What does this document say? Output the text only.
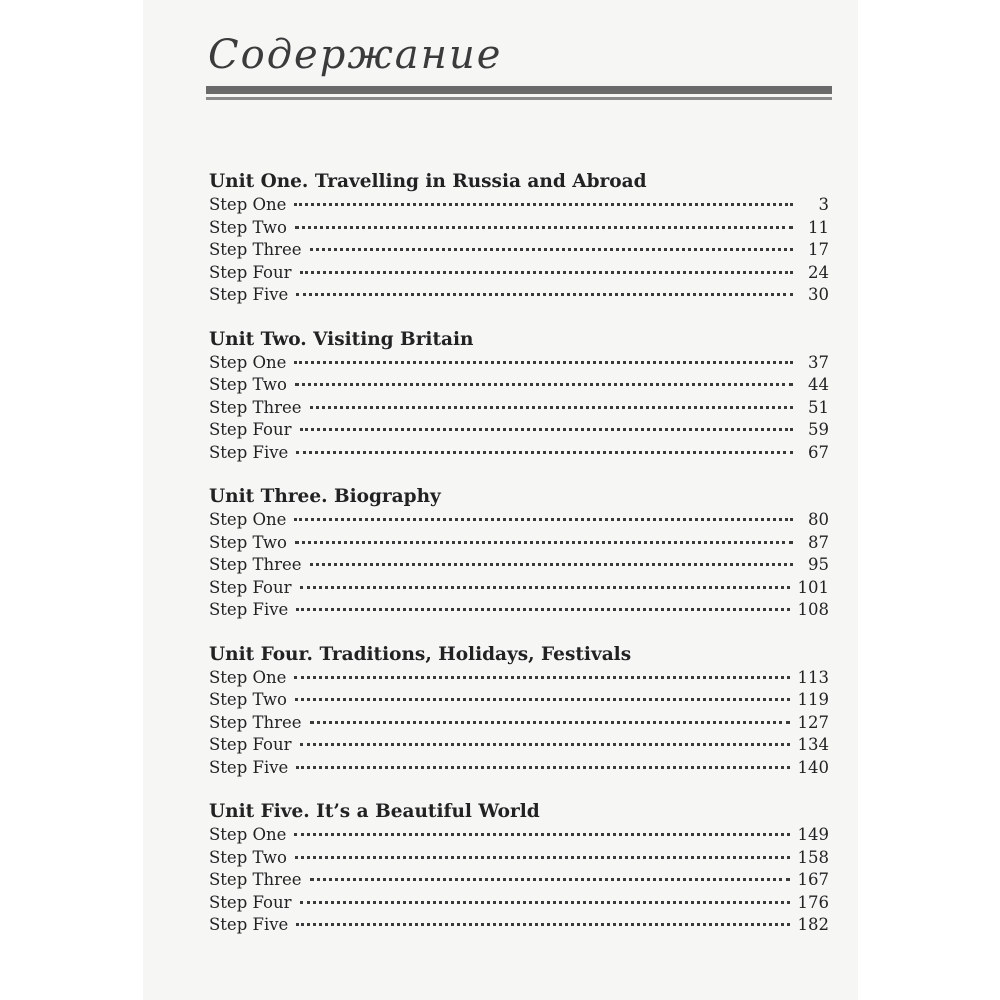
Содержание
Unit One. Travelling in Russia and Abroad
Step One	3
Step Two	11
Step Three	17
Step Four	24
Step Five	30
Unit Two. Visiting Britain
Step One	37
Step Two	44
Step Three	51
Step Four	59
Step Five	67
Unit Three. Biography
Step One	80
Step Two	87
Step Three	95
Step Four	101
Step Five	108
Unit Four. Traditions, Holidays, Festivals
Step One	113
Step Two	119
Step Three	127
Step Four	134
Step Five	140
Unit Five. It’s a Beautiful World
Step One	149
Step Two	158
Step Three	167
Step Four	176
Step Five	182
